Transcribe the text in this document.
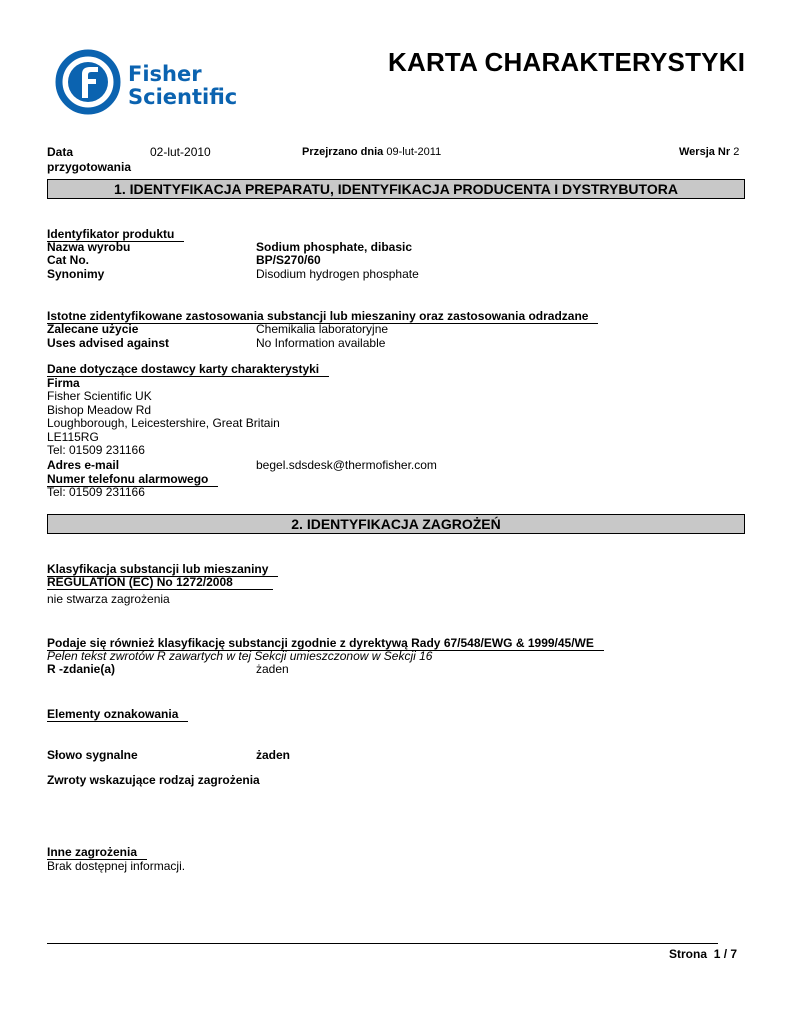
Fisher
Scientific
KARTA CHARAKTERYSTYKI
Data
przygotowania
02-lut-2010	Przejrzano dnia 09-lut-2011	Wersja Nr 2
1. IDENTYFIKACJA PREPARATU, IDENTYFIKACJA PRODUCENTA I DYSTRYBUTORA
Identyfikator produktu
Nazwa wyrobu	Sodium phosphate, dibasic
Cat No.	BP/S270/60
Synonimy	Disodium hydrogen phosphate
Istotne zidentyfikowane zastosowania substancji lub mieszaniny oraz zastosowania odradzane
Zalecane użycie	Chemikalia laboratoryjne
Uses advised against	No Information available
Dane dotyczące dostawcy karty charakterystyki
Firma
Fisher Scientific UK
Bishop Meadow Rd
Loughborough, Leicestershire, Great Britain
LE115RG
Tel: 01509 231166
Adres e-mail	begel.sdsdesk@thermofisher.com
Numer telefonu alarmowego
Tel: 01509 231166
2. IDENTYFIKACJA ZAGROŻEŃ
Klasyfikacja substancji lub mieszaniny
REGULATION (EC) No 1272/2008
nie stwarza zagrożenia
Podaje się również klasyfikację substancji zgodnie z dyrektywą Rady 67/548/EWG & 1999/45/WE
Pelen tekst zwrotów R zawartych w tej Sekcji umieszczonow w Sekcji 16
R -zdanie(a)	żaden
Elementy oznakowania
Słowo sygnalne	żaden
Zwroty wskazujące rodzaj zagrożenia
Inne zagrożenia
Brak dostępnej informacji.
Strona 1 / 7
